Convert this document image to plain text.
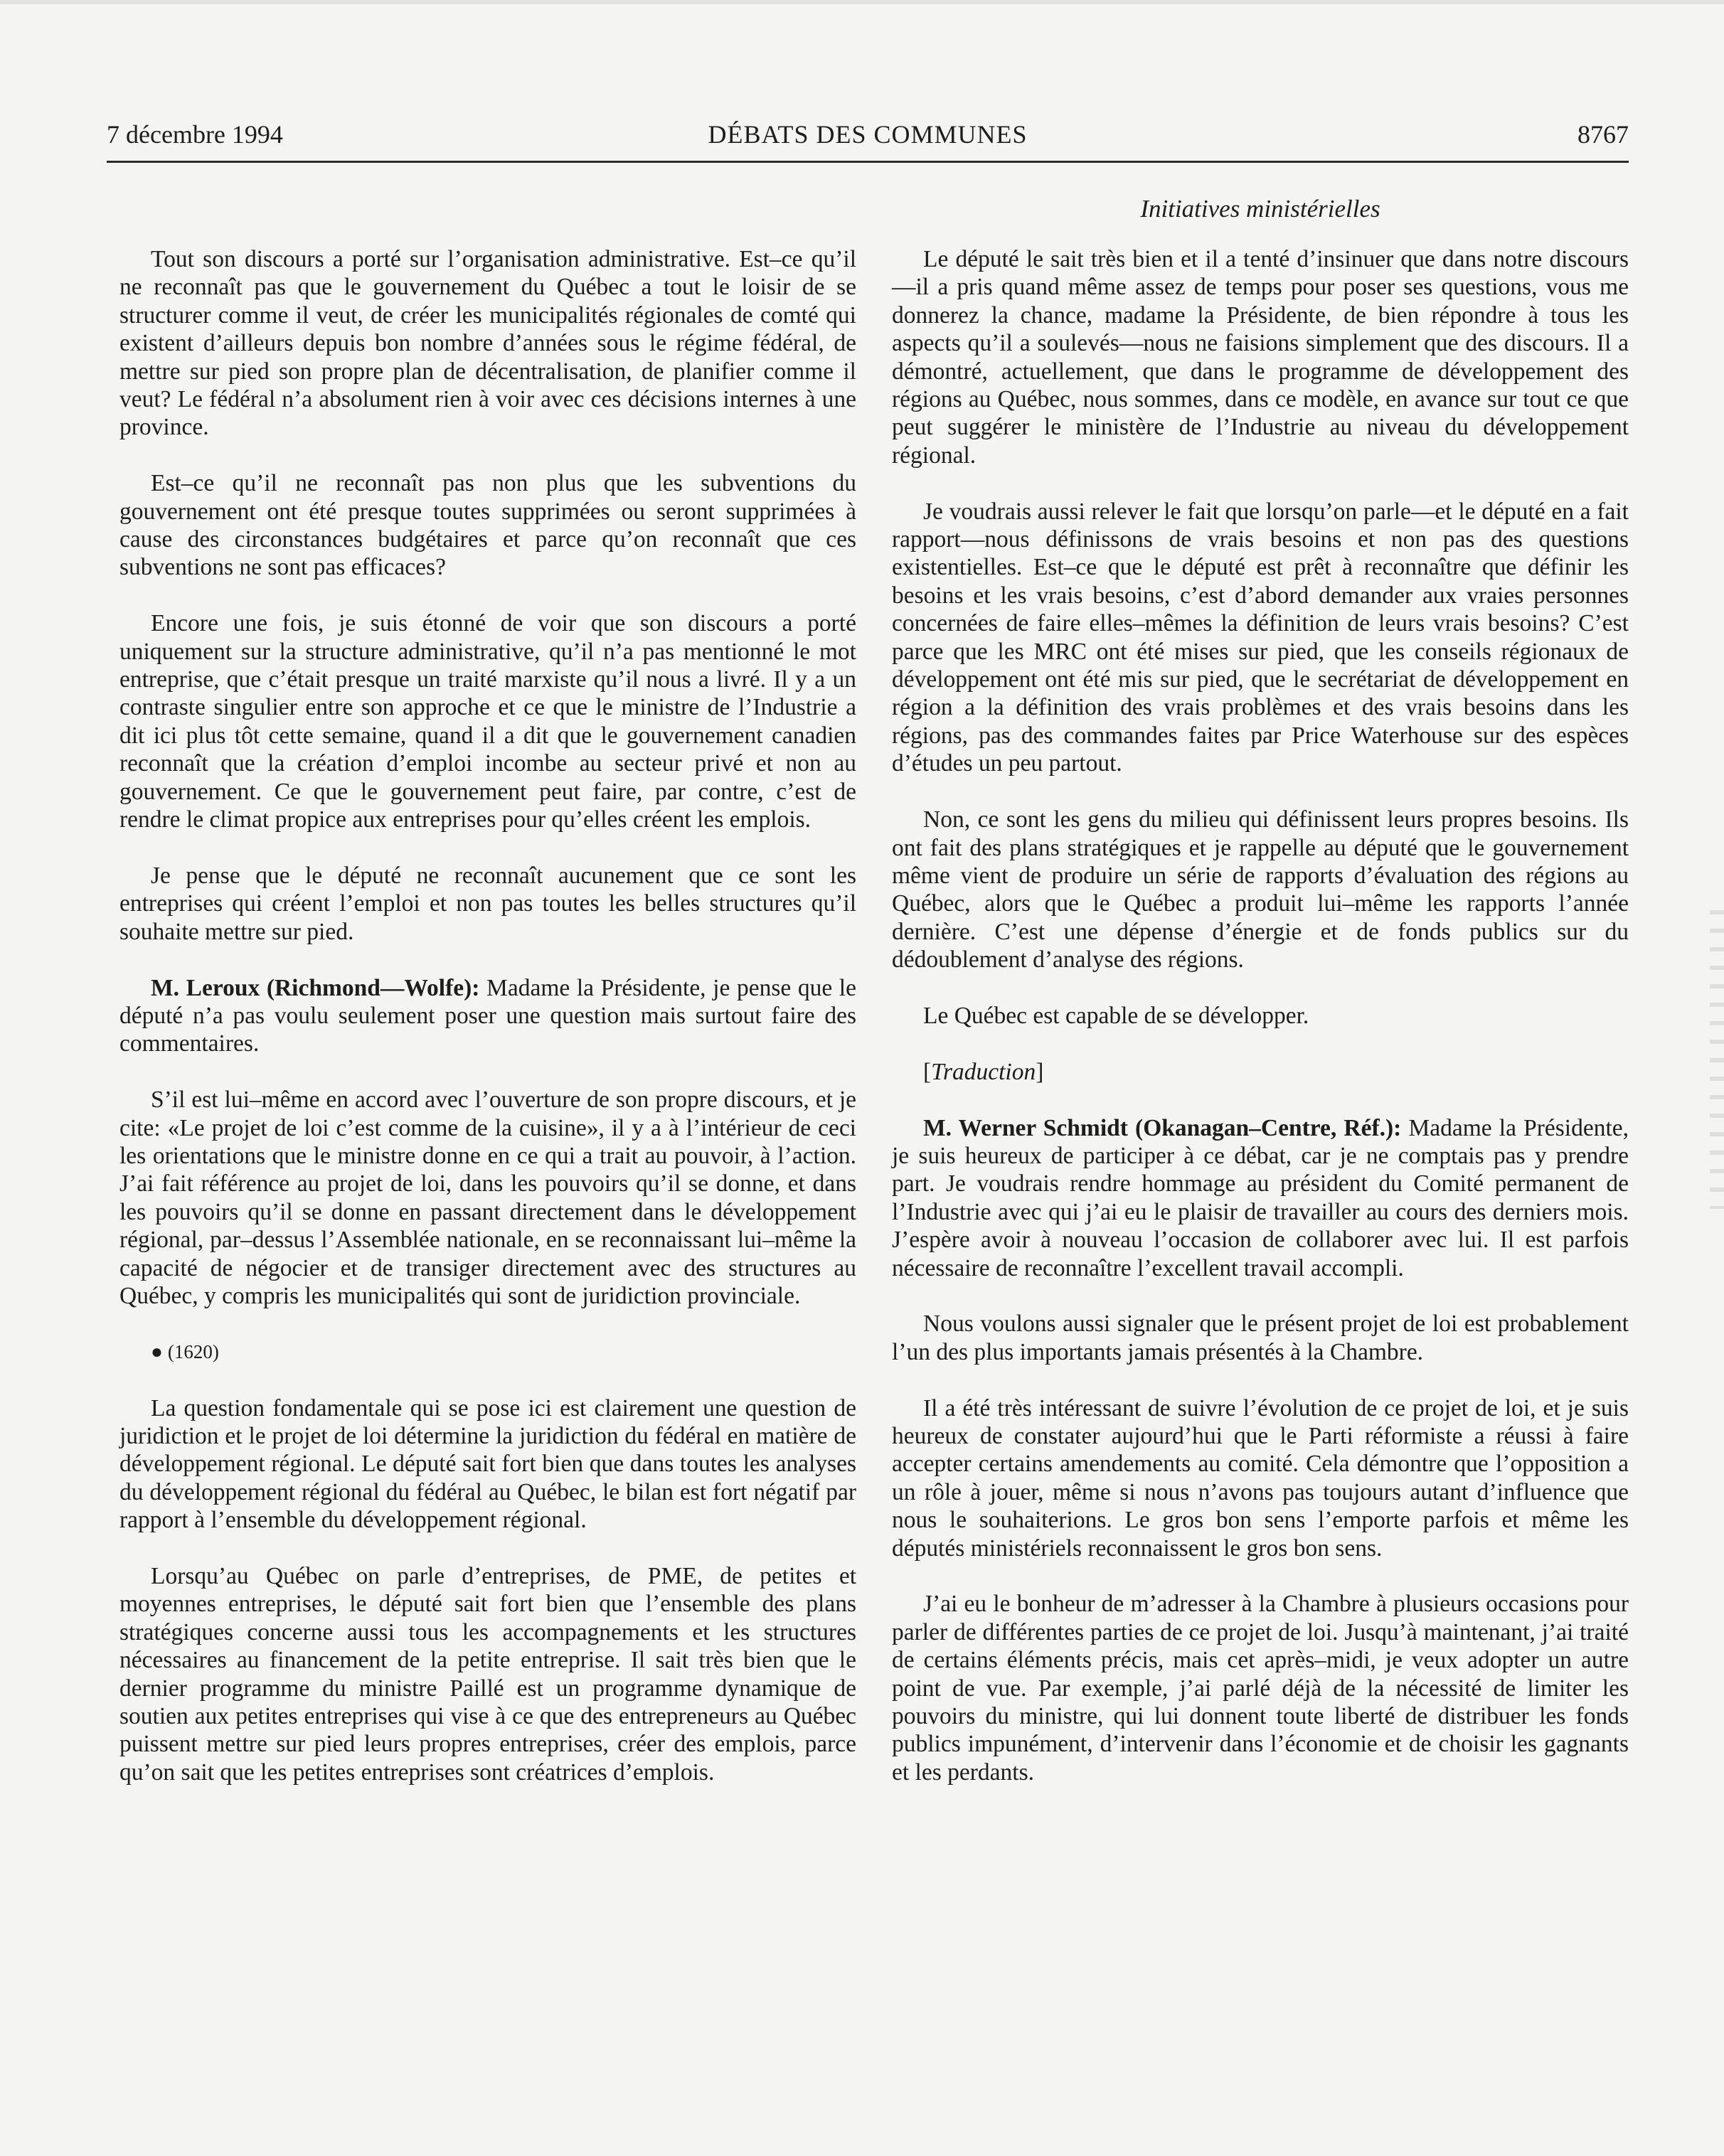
DÉBATS DES COMMUNES
7 décembre 1994	8767
Initiatives ministérielles

Tout son discours a porté sur l’organisation administrative. Est–ce qu’il ne reconnaît pas que le gouvernement du Québec a tout le loisir de se structurer comme il veut, de créer les municipalités régionales de comté qui existent d’ailleurs depuis bon nombre d’années sous le régime fédéral, de mettre sur pied son propre plan de décentralisation, de planifier comme il veut? Le fédéral n’a absolument rien à voir avec ces décisions internes à une province.

Est–ce qu’il ne reconnaît pas non plus que les subventions du gouvernement ont été presque toutes supprimées ou seront supprimées à cause des circonstances budgétaires et parce qu’on reconnaît que ces subventions ne sont pas efficaces?

Encore une fois, je suis étonné de voir que son discours a porté uniquement sur la structure administrative, qu’il n’a pas mentionné le mot entreprise, que c’était presque un traité marxiste qu’il nous a livré. Il y a un contraste singulier entre son approche et ce que le ministre de l’Industrie a dit ici plus tôt cette semaine, quand il a dit que le gouvernement canadien reconnaît que la création d’emploi incombe au secteur privé et non au gouvernement. Ce que le gouvernement peut faire, par contre, c’est de rendre le climat propice aux entreprises pour qu’elles créent les emplois.

Je pense que le député ne reconnaît aucunement que ce sont les entreprises qui créent l’emploi et non pas toutes les belles structures qu’il souhaite mettre sur pied.

M. Leroux (Richmond—Wolfe): Madame la Présidente, je pense que le député n’a pas voulu seulement poser une question mais surtout faire des commentaires.

S’il est lui–même en accord avec l’ouverture de son propre discours, et je cite: «Le projet de loi c’est comme de la cuisine», il y a à l’intérieur de ceci les orientations que le ministre donne en ce qui a trait au pouvoir, à l’action. J’ai fait référence au projet de loi, dans les pouvoirs qu’il se donne, et dans les pouvoirs qu’il se donne en passant directement dans le développement régional, par–dessus l’Assemblée nationale, en se reconnaissant lui–même la capacité de négocier et de transiger directement avec des structures au Québec, y compris les municipalités qui sont de juridiction provinciale.

● (1620)

La question fondamentale qui se pose ici est clairement une question de juridiction et le projet de loi détermine la juridiction du fédéral en matière de développement régional. Le député sait fort bien que dans toutes les analyses du développement régional du fédéral au Québec, le bilan est fort négatif par rapport à l’ensemble du développement régional.

Lorsqu’au Québec on parle d’entreprises, de PME, de petites et moyennes entreprises, le député sait fort bien que l’ensemble des plans stratégiques concerne aussi tous les accompagnements et les structures nécessaires au financement de la petite entreprise. Il sait très bien que le dernier programme du ministre Paillé est un programme dynamique de soutien aux petites entreprises qui vise à ce que des entrepreneurs au Québec puissent mettre sur pied leurs propres entreprises, créer des emplois, parce qu’on sait que les petites entreprises sont créatrices d’emplois.

Le député le sait très bien et il a tenté d’insinuer que dans notre discours—il a pris quand même assez de temps pour poser ses questions, vous me donnerez la chance, madame la Présidente, de bien répondre à tous les aspects qu’il a soulevés—nous ne faisions simplement que des discours. Il a démontré, actuellement, que dans le programme de développement des régions au Québec, nous sommes, dans ce modèle, en avance sur tout ce que peut suggérer le ministère de l’Industrie au niveau du développement régional.

Je voudrais aussi relever le fait que lorsqu’on parle—et le député en a fait rapport—nous définissons de vrais besoins et non pas des questions existentielles. Est–ce que le député est prêt à reconnaître que définir les besoins et les vrais besoins, c’est d’abord demander aux vraies personnes concernées de faire elles–mêmes la définition de leurs vrais besoins? C’est parce que les MRC ont été mises sur pied, que les conseils régionaux de développement ont été mis sur pied, que le secrétariat de développement en région a la définition des vrais problèmes et des vrais besoins dans les régions, pas des commandes faites par Price Waterhouse sur des espèces d’études un peu partout.

Non, ce sont les gens du milieu qui définissent leurs propres besoins. Ils ont fait des plans stratégiques et je rappelle au député que le gouvernement même vient de produire un série de rapports d’évaluation des régions au Québec, alors que le Québec a produit lui–même les rapports l’année dernière. C’est une dépense d’énergie et de fonds publics sur du dédoublement d’analyse des régions.

Le Québec est capable de se développer.

[Traduction]

M. Werner Schmidt (Okanagan–Centre, Réf.): Madame la Présidente, je suis heureux de participer à ce débat, car je ne comptais pas y prendre part. Je voudrais rendre hommage au président du Comité permanent de l’Industrie avec qui j’ai eu le plaisir de travailler au cours des derniers mois. J’espère avoir à nouveau l’occasion de collaborer avec lui. Il est parfois nécessaire de reconnaître l’excellent travail accompli.

Nous voulons aussi signaler que le présent projet de loi est probablement l’un des plus importants jamais présentés à la Chambre.

Il a été très intéressant de suivre l’évolution de ce projet de loi, et je suis heureux de constater aujourd’hui que le Parti réformiste a réussi à faire accepter certains amendements au comité. Cela démontre que l’opposition a un rôle à jouer, même si nous n’avons pas toujours autant d’influence que nous le souhaiterions. Le gros bon sens l’emporte parfois et même les députés ministériels reconnaissent le gros bon sens.

J’ai eu le bonheur de m’adresser à la Chambre à plusieurs occasions pour parler de différentes parties de ce projet de loi. Jusqu’à maintenant, j’ai traité de certains éléments précis, mais cet après–midi, je veux adopter un autre point de vue. Par exemple, j’ai parlé déjà de la nécessité de limiter les pouvoirs du ministre, qui lui donnent toute liberté de distribuer les fonds publics impunément, d’intervenir dans l’économie et de choisir les gagnants et les perdants.
